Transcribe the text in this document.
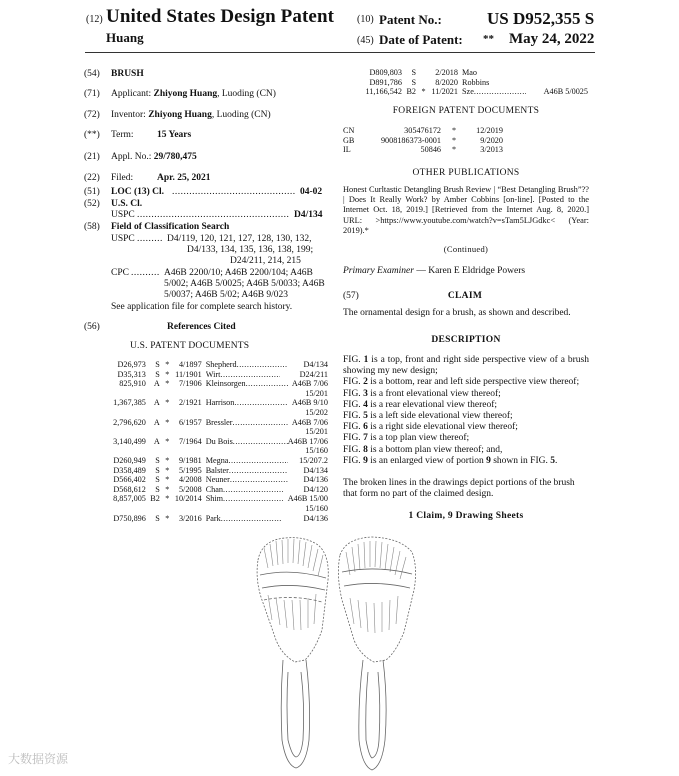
(12) United States Design Patent
Huang
(10) Patent No.:	US D952,355 S
(45) Date of Patent: ** May 24, 2022
(54) BRUSH
(71) Applicant: Zhiyong Huang, Luoding (CN)
(72) Inventor: Zhiyong Huang, Luoding (CN)
(**) Term: 15 Years
(21) Appl. No.: 29/780,475
(22) Filed:	Apr. 25, 2021
(51) LOC (13) Cl. .....	04-02
(52) U.S. Cl.
USPC .....	D4/134
(58) Field of Classification Search
USPC .....	D4/119, 120, 121, 127, 128, 130, 132,
D4/133, 134, 135, 136, 138, 199;
D24/211, 214, 215
CPC .....	A46B 2200/10; A46B 2200/104; A46B
5/002; A46B 5/0025; A46B 5/0033; A46B
5/0037; A46B 5/02; A46B 9/023
See application file for complete search history.
(56)	References Cited
U.S. PATENT DOCUMENTS
D26,973	S	*	4/1897	Shepherd.....	D4/134
D35,313	S	*	11/1901	Wirt.....	D24/211
825,910	A	*	7/1906	Kleinsorgen.....	A46B 7/06
					15/201
1,367,385	A	*	2/1921	Harrison.....	A46B 9/10
					15/202
2,796,620	A	*	6/1957	Bressler.....	A46B 7/06
					15/201
3,140,499	A	*	7/1964	Du Bois.....	A46B 17/06
					15/160
D260,949	S	*	9/1981	Megna.....	15/207.2
D358,489	S	*	5/1995	Balster.....	D4/134
D566,402	S	*	4/2008	Neuner.....	D4/136
D568,612	S	*	5/2008	Chan.....	D4/120
8,857,005	B2	*	10/2014	Shim.....	A46B 15/00
					15/160
D750,896	S	*	3/2016	Park.....	D4/136
D809,803	S		2/2018	Mao	
D891,786	S		8/2020	Robbins	
11,166,542	B2	*	11/2021	Sze.....	A46B 5/0025
FOREIGN PATENT DOCUMENTS
CN	305476172	*	12/2019
GB	9008186373-0001	*	9/2020
IL	50846	*	3/2013
OTHER PUBLICATIONS
Honest Curltastic Detangling Brush Review | “Best Detangling Brush”?? | Does It Really Work? by Amber Cobbins [on-line]. [Posted to the Internet Oct. 18, 2019.] [Retrieved from the Internet Aug. 8, 2020.] URL: >https://www.youtube.com/watch?v=sTam5LJGdkc< (Year: 2019).*
(Continued)
Primary Examiner — Karen E Eldridge Powers
(57)	CLAIM
The ornamental design for a brush, as shown and described.
DESCRIPTION
FIG. 1 is a top, front and right side perspective view of a brush showing my new design;
FIG. 2 is a bottom, rear and left side perspective view thereof;
FIG. 3 is a front elevational view thereof;
FIG. 4 is a rear elevational view thereof;
FIG. 5 is a left side elevational view thereof;
FIG. 6 is a right side elevational view thereof;
FIG. 7 is a top plan view thereof;
FIG. 8 is a bottom plan view thereof; and,
FIG. 9 is an enlarged view of portion 9 shown in FIG. 5.
The broken lines in the drawings depict portions of the brush that form no part of the claimed design.
1 Claim, 9 Drawing Sheets
大数据资源
